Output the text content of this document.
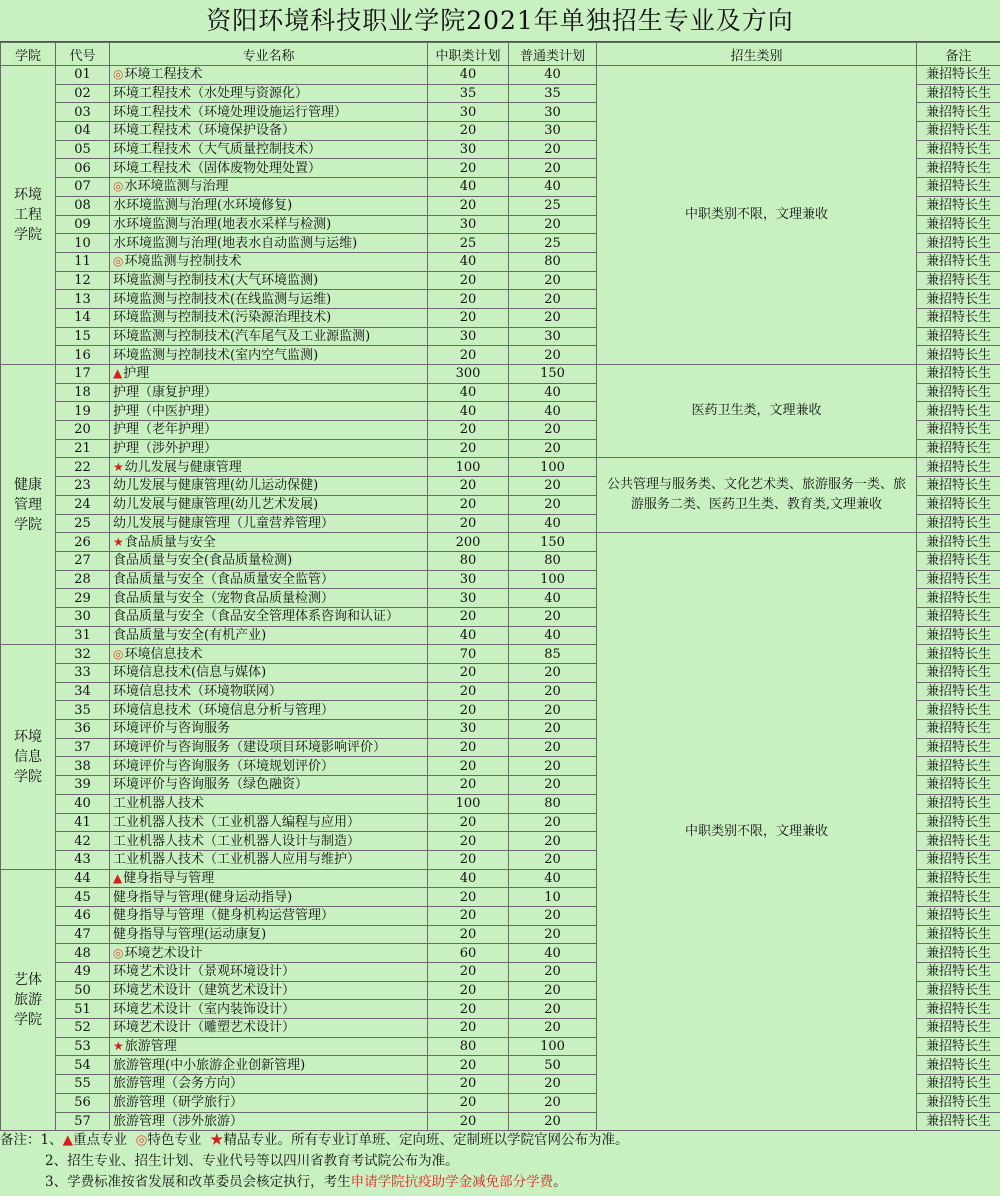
资阳环境科技职业学院2021年单独招生专业及方向
学院	代号	专业名称	中职类计划	普通类计划	招生类别	备注
环境
工程
学院	01	◎环境工程技术	40	40	中职类别不限，文理兼收	兼招特长生
	02	环境工程技术（水处理与资源化）	35	35		兼招特长生
	03	环境工程技术（环境处理设施运行管理）	30	30		兼招特长生
	04	环境工程技术（环境保护设备）	20	30		兼招特长生
	05	环境工程技术（大气质量控制技术）	30	20		兼招特长生
	06	环境工程技术（固体废物处理处置）	20	20		兼招特长生
	07	◎水环境监测与治理	40	40		兼招特长生
	08	水环境监测与治理(水环境修复)	20	25		兼招特长生
	09	水环境监测与治理(地表水采样与检测)	30	20		兼招特长生
	10	水环境监测与治理(地表水自动监测与运维)	25	25		兼招特长生
	11	◎环境监测与控制技术	40	80		兼招特长生
	12	环境监测与控制技术(大气环境监测)	20	20		兼招特长生
	13	环境监测与控制技术(在线监测与运维)	20	20		兼招特长生
	14	环境监测与控制技术(污染源治理技术)	20	20		兼招特长生
	15	环境监测与控制技术(汽车尾气及工业源监测)	30	30		兼招特长生
	16	环境监测与控制技术(室内空气监测)	20	20		兼招特长生
健康
管理
学院	17	▲护理	300	150	医药卫生类，文理兼收	兼招特长生
	18	护理（康复护理）	40	40		兼招特长生
	19	护理（中医护理）	40	40		兼招特长生
	20	护理（老年护理）	20	20		兼招特长生
	21	护理（涉外护理）	20	20		兼招特长生
	22	★幼儿发展与健康管理	100	100	公共管理与服务类、文化艺术类、旅游服务一类、旅游服务二类、医药卫生类、教育类,文理兼收	兼招特长生
	23	幼儿发展与健康管理(幼儿运动保健)	20	20		兼招特长生
	24	幼儿发展与健康管理(幼儿艺术发展)	20	20		兼招特长生
	25	幼儿发展与健康管理（儿童营养管理）	20	40		兼招特长生
	26	★食品质量与安全	200	150	中职类别不限，文理兼收	兼招特长生
	27	食品质量与安全(食品质量检测)	80	80		兼招特长生
	28	食品质量与安全（食品质量安全监管）	30	100		兼招特长生
	29	食品质量与安全（宠物食品质量检测）	30	40		兼招特长生
	30	食品质量与安全（食品安全管理体系咨询和认证）	20	20		兼招特长生
	31	食品质量与安全(有机产业)	40	40		兼招特长生
环境
信息
学院	32	◎环境信息技术	70	85		兼招特长生
	33	环境信息技术(信息与媒体)	20	20		兼招特长生
	34	环境信息技术（环境物联网）	20	20		兼招特长生
	35	环境信息技术（环境信息分析与管理）	20	20		兼招特长生
	36	环境评价与咨询服务	30	20		兼招特长生
	37	环境评价与咨询服务（建设项目环境影响评价）	20	20		兼招特长生
	38	环境评价与咨询服务（环境规划评价）	20	20		兼招特长生
	39	环境评价与咨询服务（绿色融资）	20	20		兼招特长生
	40	工业机器人技术	100	80		兼招特长生
	41	工业机器人技术（工业机器人编程与应用）	20	20		兼招特长生
	42	工业机器人技术（工业机器人设计与制造）	20	20		兼招特长生
	43	工业机器人技术（工业机器人应用与维护）	20	20		兼招特长生
艺体
旅游
学院	44	▲健身指导与管理	40	40		兼招特长生
	45	健身指导与管理(健身运动指导)	20	10		兼招特长生
	46	健身指导与管理（健身机构运营管理）	20	20		兼招特长生
	47	健身指导与管理(运动康复)	20	20		兼招特长生
	48	◎环境艺术设计	60	40		兼招特长生
	49	环境艺术设计（景观环境设计）	20	20		兼招特长生
	50	环境艺术设计（建筑艺术设计）	20	20		兼招特长生
	51	环境艺术设计（室内装饰设计）	20	20		兼招特长生
	52	环境艺术设计（雕塑艺术设计）	20	20		兼招特长生
	53	★旅游管理	80	100		兼招特长生
	54	旅游管理(中小旅游企业创新管理)	20	50		兼招特长生
	55	旅游管理（会务方向）	20	20		兼招特长生
	56	旅游管理（研学旅行）	20	20		兼招特长生
	57	旅游管理（涉外旅游）	20	20		兼招特长生
备注：1、▲重点专业 ◎特色专业 ★精品专业。所有专业订单班、定向班、定制班以学院官网公布为准。
2、招生专业、招生计划、专业代号等以四川省教育考试院公布为准。
3、学费标准按省发展和改革委员会核定执行，考生申请学院抗疫助学金减免部分学费。
